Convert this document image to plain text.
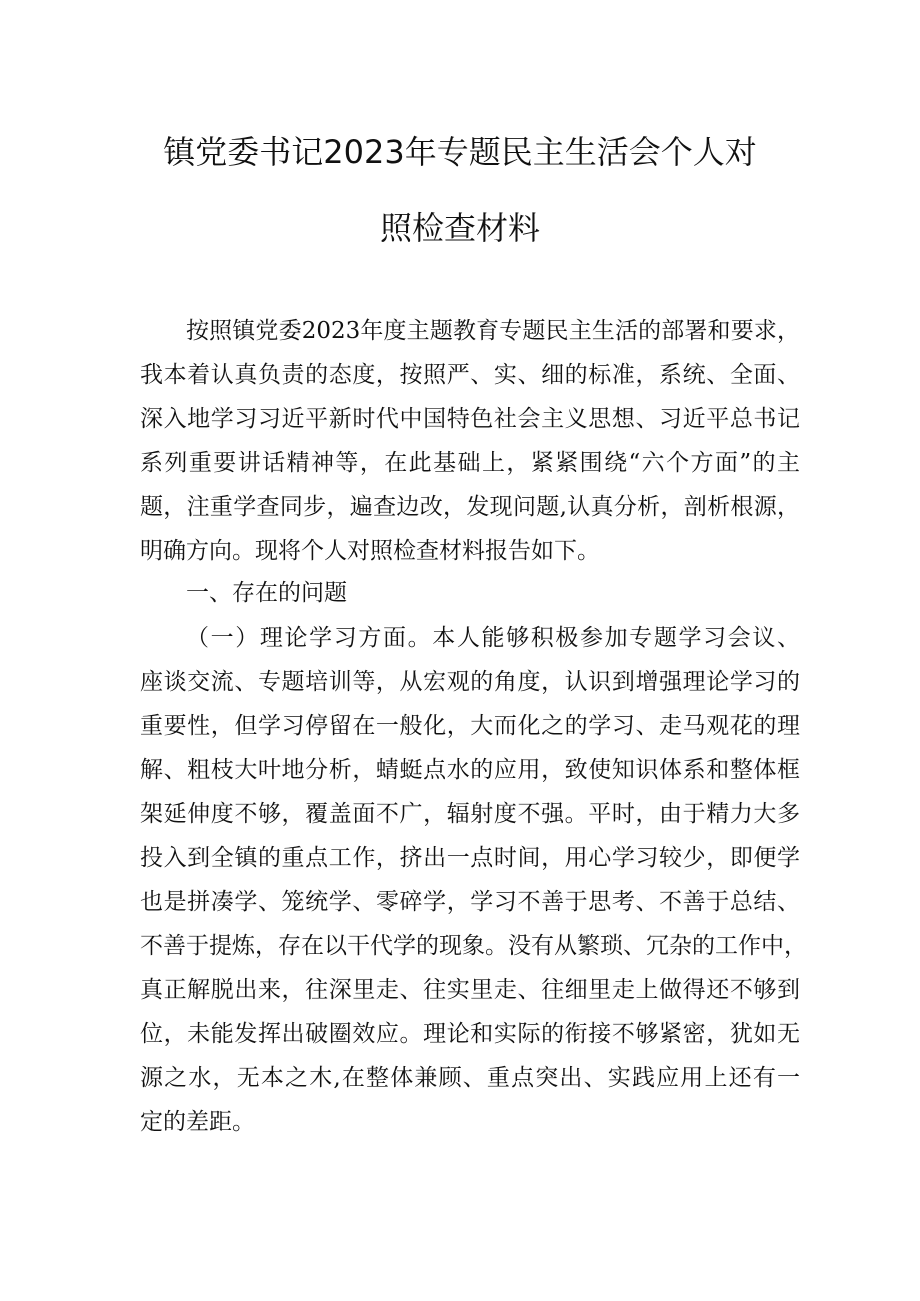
镇党委书记2023年专题民主生活会个人对
照检查材料
按照镇党委2023年度主题教育专题民主生活的部署和要求，
我本着认真负责的态度，按照严、实、细的标准，系统、全面、
深入地学习习近平新时代中国特色社会主义思想、习近平总书记
系列重要讲话精神等，在此基础上，紧紧围绕“六个方面”的主
题，注重学查同步，遍查边改，发现问题,认真分析，剖析根源，
明确方向。现将个人对照检查材料报告如下。
一、存在的问题
（一）理论学习方面。本人能够积极参加专题学习会议、
座谈交流、专题培训等，从宏观的角度，认识到增强理论学习的
重要性，但学习停留在一般化，大而化之的学习、走马观花的理
解、粗枝大叶地分析，蜻蜓点水的应用，致使知识体系和整体框
架延伸度不够，覆盖面不广，辐射度不强。平时，由于精力大多
投入到全镇的重点工作，挤出一点时间，用心学习较少，即便学
也是拼凑学、笼统学、零碎学，学习不善于思考、不善于总结、
不善于提炼，存在以干代学的现象。没有从繁琐、冗杂的工作中，
真正解脱出来，往深里走、往实里走、往细里走上做得还不够到
位，未能发挥出破圈效应。理论和实际的衔接不够紧密，犹如无
源之水，无本之木,在整体兼顾、重点突出、实践应用上还有一
定的差距。
